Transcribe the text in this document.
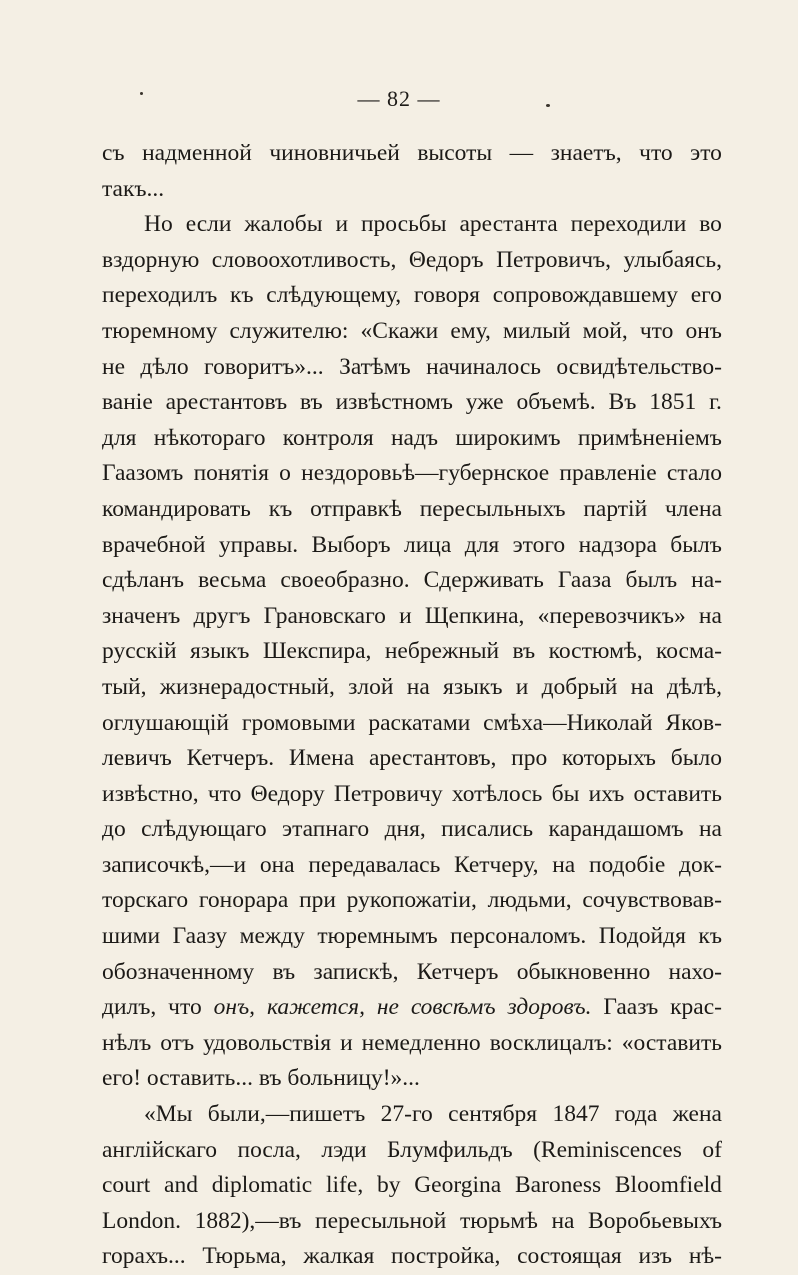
— 82 —
съ надменной чиновничьей высоты — знаетъ, что это
такъ...
Но если жалобы и просьбы арестанта переходили во
вздорную словоохотливость, Θедоръ Петровичъ, улыбаясь,
переходилъ къ слѣдующему, говоря сопровождавшему его
тюремному служителю: «Скажи ему, милый мой, что онъ
не дѣло говоритъ»... Затѣмъ начиналось освидѣтельство-
ваніе арестантовъ въ извѣстномъ уже объемѣ. Въ 1851 г.
для нѣкотораго контроля надъ широкимъ примѣненіемъ
Гаазомъ понятія о нездоровьѣ—губернское правленіе стало
командировать къ отправкѣ пересыльныхъ партій члена
врачебной управы. Выборъ лица для этого надзора былъ
сдѣланъ весьма своеобразно. Сдерживать Гааза былъ на-
значенъ другъ Грановскаго и Щепкина, «перевозчикъ» на
русскій языкъ Шекспира, небрежный въ костюмѣ, косма-
тый, жизнерадостный, злой на языкъ и добрый на дѣлѣ,
оглушающій громовыми раскатами смѣха—Николай Яков-
левичъ Кетчеръ. Имена арестантовъ, про которыхъ было
извѣстно, что Θедору Петровичу хотѣлось бы ихъ оставить
до слѣдующаго этапнаго дня, писались карандашомъ на
записочкѣ,—и она передавалась Кетчеру, на подобіе док-
торскаго гонорара при рукопожатіи, людьми, сочувствовав-
шими Гаазу между тюремнымъ персоналомъ. Подойдя къ
обозначенному въ запискѣ, Кетчеръ обыкновенно нахо-
дилъ, что онъ, кажется, не совсѣмъ здоровъ. Гаазъ крас-
нѣлъ отъ удовольствія и немедленно восклицалъ: «оставить
его! оставить... въ больницу!»...
«Мы были,—пишетъ 27-го сентября 1847 года жена
англійскаго посла, лэди Блумфильдъ (Reminiscences of
court and diplomatic life, by Georgina Baroness Bloomfield
London. 1882),—въ пересыльной тюрьмѣ на Воробьевыхъ
горахъ... Тюрьма, жалкая постройка, состоящая изъ нѣ-
